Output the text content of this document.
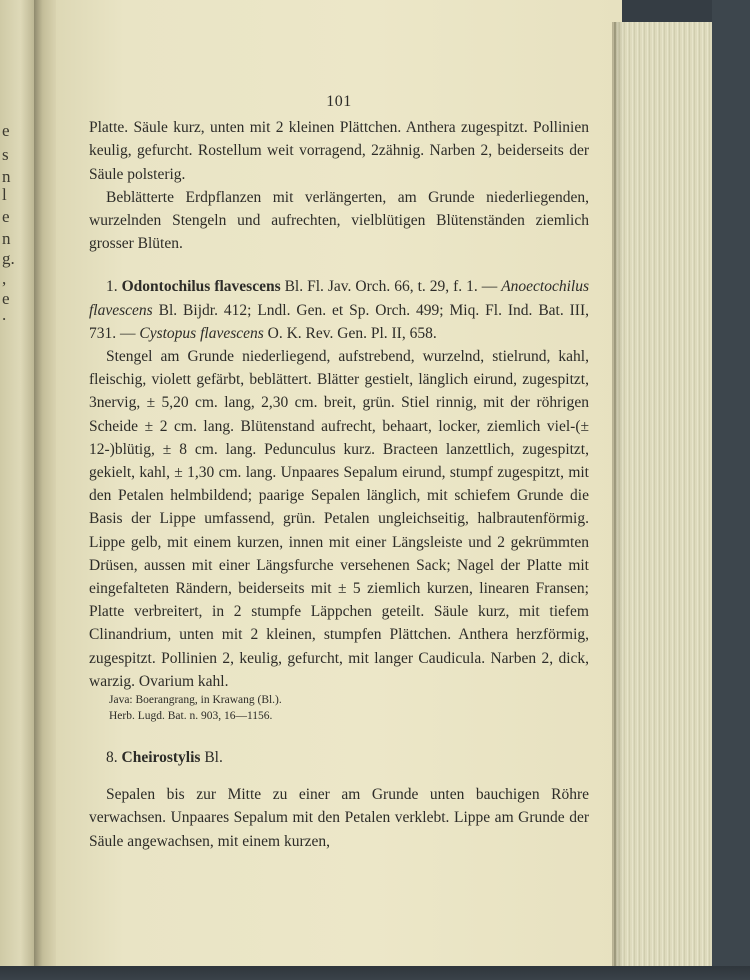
e
s
n
l
e
n
g.
,
e
.
101

Platte. Säule kurz, unten mit 2 kleinen Plättchen. Anthera zugespitzt. Pollinien keulig, gefurcht. Rostellum weit vorragend, 2zähnig. Narben 2, beiderseits der Säule polsterig.

Beblätterte Erdpflanzen mit verlängerten, am Grunde niederliegenden, wurzelnden Stengeln und aufrechten, vielblütigen Blütenständen ziemlich grosser Blüten.

1. Odontochilus flavescens Bl. Fl. Jav. Orch. 66, t. 29, f. 1. — Anoectochilus flavescens Bl. Bijdr. 412; Lndl. Gen. et Sp. Orch. 499; Miq. Fl. Ind. Bat. III, 731. — Cystopus flavescens O. K. Rev. Gen. Pl. II, 658.

Stengel am Grunde niederliegend, aufstrebend, wurzelnd, stielrund, kahl, fleischig, violett gefärbt, beblättert. Blätter gestielt, länglich eirund, zugespitzt, 3nervig, ± 5,20 cm. lang, 2,30 cm. breit, grün. Stiel rinnig, mit der röhrigen Scheide ± 2 cm. lang. Blütenstand aufrecht, behaart, locker, ziemlich viel-(± 12-)blütig, ± 8 cm. lang. Pedunculus kurz. Bracteen lanzettlich, zugespitzt, gekielt, kahl, ± 1,30 cm. lang. Unpaares Sepalum eirund, stumpf zugespitzt, mit den Petalen helmbildend; paarige Sepalen länglich, mit schiefem Grunde die Basis der Lippe umfassend, grün. Petalen ungleichseitig, halbrautenförmig. Lippe gelb, mit einem kurzen, innen mit einer Längsleiste und 2 gekrümmten Drüsen, aussen mit einer Längsfurche versehenen Sack; Nagel der Platte mit eingefalteten Rändern, beiderseits mit ± 5 ziemlich kurzen, linearen Fransen; Platte verbreitert, in 2 stumpfe Läppchen geteilt. Säule kurz, mit tiefem Clinandrium, unten mit 2 kleinen, stumpfen Plättchen. Anthera herzförmig, zugespitzt. Pollinien 2, keulig, gefurcht, mit langer Caudicula. Narben 2, dick, warzig. Ovarium kahl.

Java: Boerangrang, in Krawang (Bl.).

Herb. Lugd. Bat. n. 903, 16—1156.

8. Cheirostylis Bl.

Sepalen bis zur Mitte zu einer am Grunde unten bauchigen Röhre verwachsen. Unpaares Sepalum mit den Petalen verklebt. Lippe am Grunde der Säule angewachsen, mit einem kurzen,
